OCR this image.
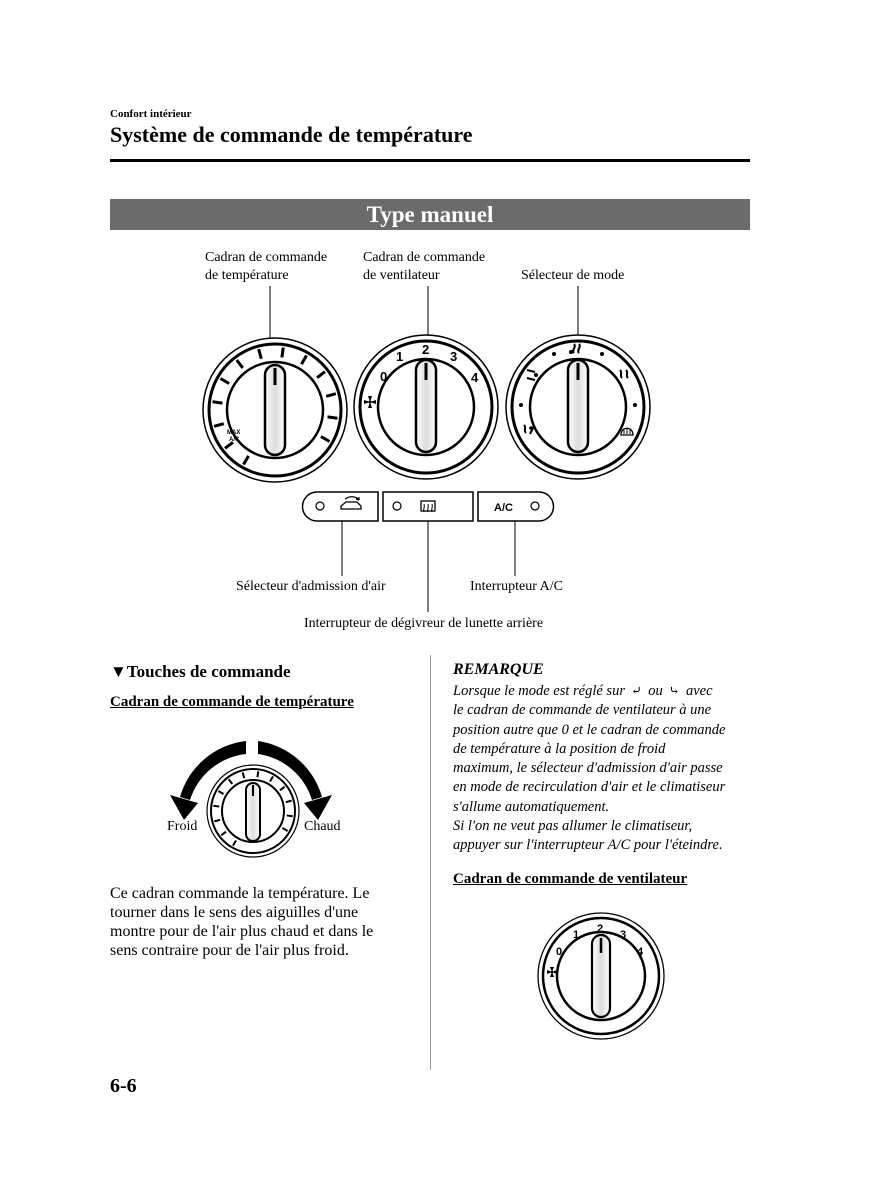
Confort intérieur
Système de commande de température
Type manuel
Cadran de commande
de température
Cadran de commande
de ventilateur	Sélecteur de mode
Sélecteur d'admission d'air	Interrupteur A/C
Interrupteur de dégivreur de lunette arrière
MAX
A/C
0
1 2 3
4
A/C
▼Touches de commande
Cadran de commande de température
Froid	Chaud
Ce cadran commande la température. Le
tourner dans le sens des aiguilles d'une
montre pour de l'air plus chaud et dans le
sens contraire pour de l'air plus froid.
REMARQUE
Lorsque le mode est réglé sur ⤶ ou ⤷ avec
le cadran de commande de ventilateur à une
position autre que 0 et le cadran de commande
de température à la position de froid
maximum, le sélecteur d'admission d'air passe
en mode de recirculation d'air et le climatiseur
s'allume automatiquement.
Si l'on ne veut pas allumer le climatiseur,
appuyer sur l'interrupteur A/C pour l'éteindre.
Cadran de commande de ventilateur
0
1 2 3
4
6-6
